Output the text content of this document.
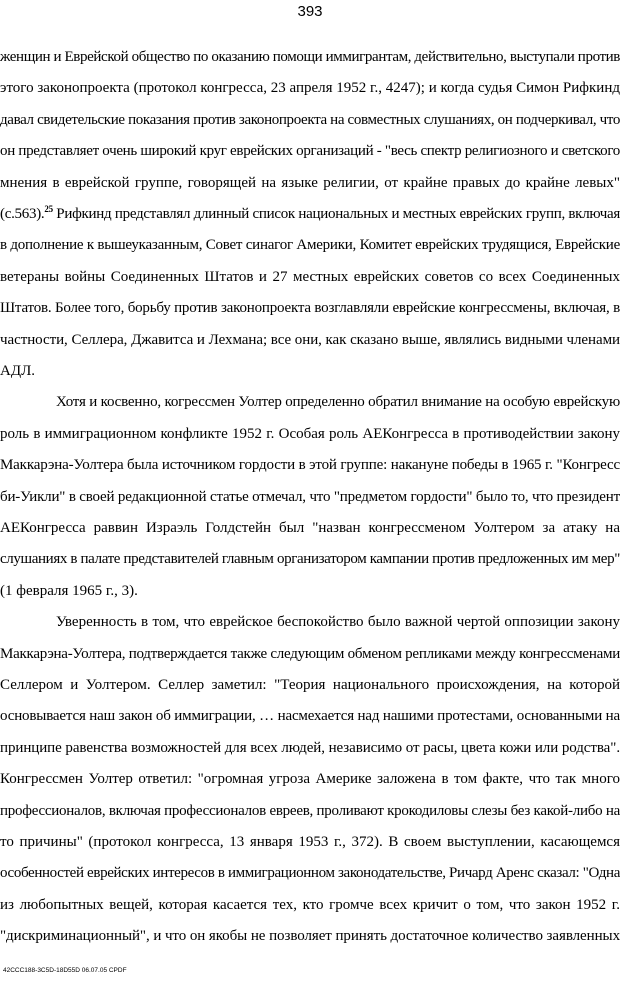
393
женщин и Еврейской общество по оказанию помощи иммигрантам, действительно, выступали против
этого законопроекта (протокол конгресса, 23 апреля 1952 г., 4247); и когда судья Симон Рифкинд
давал свидетельские показания против законопроекта на совместных слушаниях, он подчеркивал, что
он представляет очень широкий круг еврейских организаций - "весь спектр религиозного и светского
мнения в еврейской группе, говорящей на языке религии, от крайне правых до крайне левых"
(с.563).$^{25}$ Рифкинд представлял длинный список национальных и местных еврейских групп, включая
в дополнение к вышеуказанным, Совет синагог Америки, Комитет еврейских трудящися, Еврейские
ветераны войны Соединенных Штатов и 27 местных еврейских советов со всех Соединенных
Штатов. Более того, борьбу против законопроекта возглавляли еврейские конгрессмены, включая, в
частности, Селлера, Джавитса и Лехмана; все они, как сказано выше, являлись видными членами
АДЛ.
Хотя и косвенно, когрессмен Уолтер определенно обратил внимание на особую еврейскую
роль в иммиграционном конфликте 1952 г. Особая роль АЕКонгресса в противодействии закону
Маккарэна-Уолтера была источником гордости в этой группе: накануне победы в 1965 г. "Конгресс
би-Уикли" в своей редакционной статье отмечал, что "предметом гордости" было то, что президент
АЕКонгресса раввин Израэль Голдстейн был "назван конгрессменом Уолтером за атаку на
слушаниях в палате представителей главным организатором кампании против предложенных им мер"
(1 февраля 1965 г., 3).
Уверенность в том, что еврейское беспокойство было важной чертой оппозиции закону
Маккарэна-Уолтера, подтверждается также следующим обменом репликами между конгрессменами
Селлером и Уолтером. Селлер заметил: "Теория национального происхождения, на которой
основывается наш закон об иммиграции, … насмехается над нашими протестами, основанными на
принципе равенства возможностей для всех людей, независимо от расы, цвета кожи или родства".
Конгрессмен Уолтер ответил: "огромная угроза Америке заложена в том факте, что так много
профессионалов, включая профессионалов евреев, проливают крокодиловы слезы без какой-либо на
то причины" (протокол конгресса, 13 января 1953 г., 372). В своем выступлении, касающемся
особенностей еврейских интересов в иммиграционном законодательстве, Ричард Аренс сказал: "Одна
из любопытных вещей, которая касается тех, кто громче всех кричит о том, что закон 1952 г.
"дискриминационный", и что он якобы не позволяет принять достаточное количество заявленных
42CCC188-3C5D-18D55D 06.07.05 CPDF
